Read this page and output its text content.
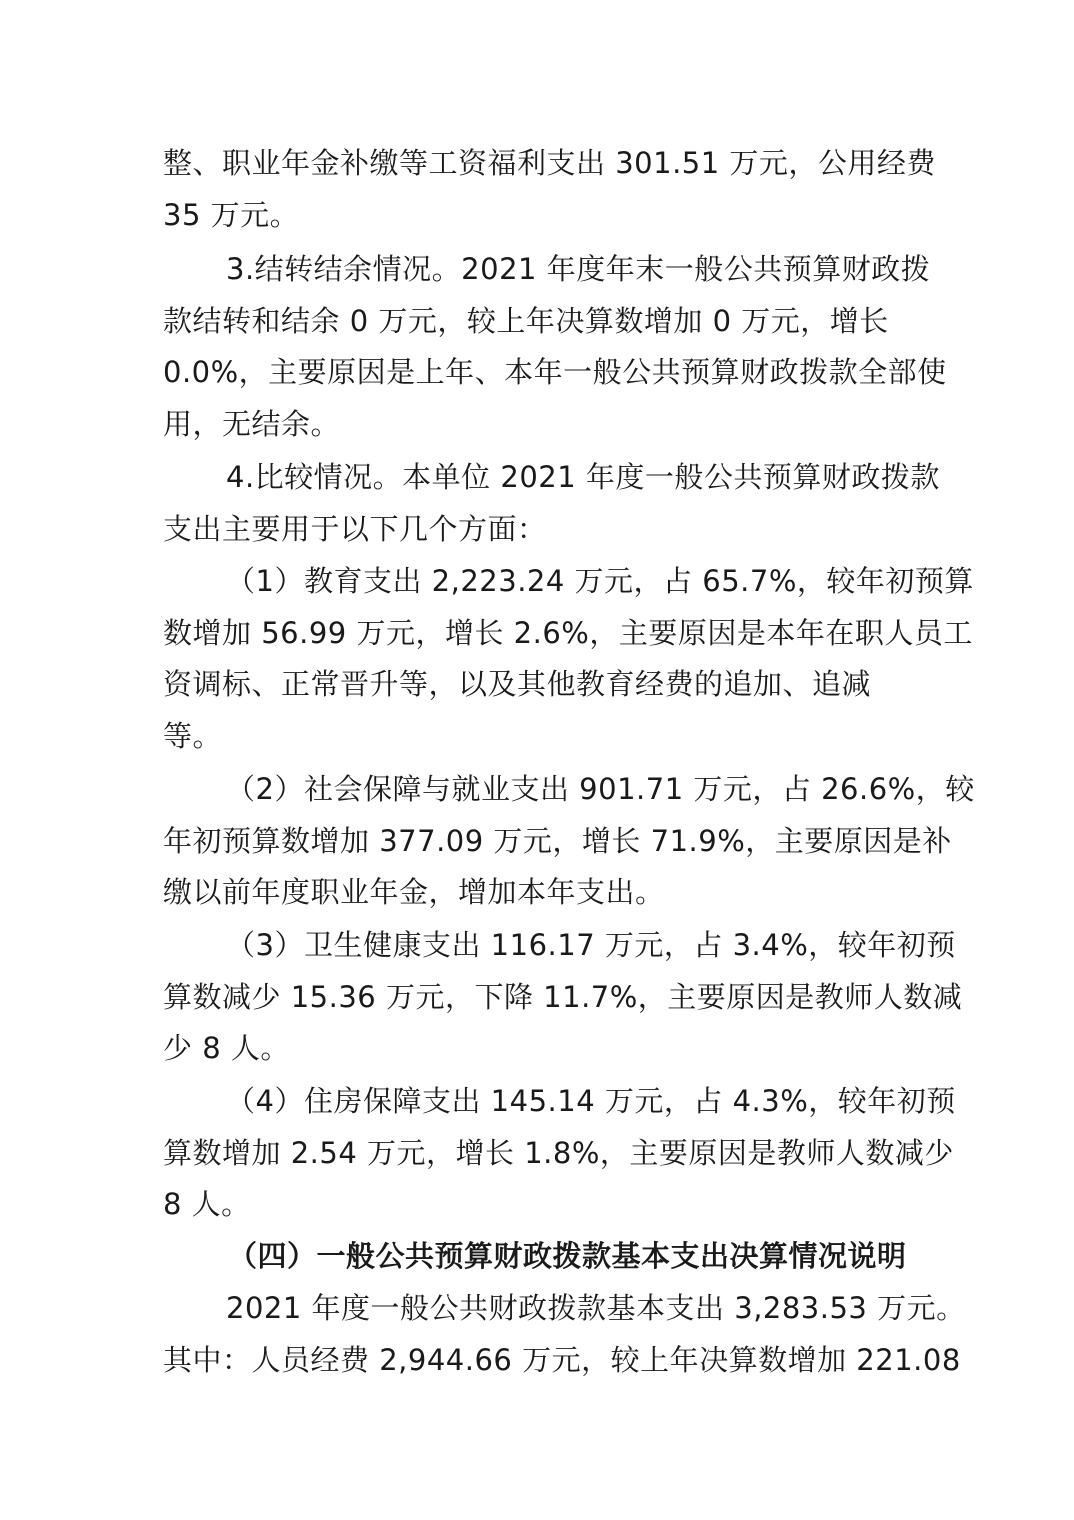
整、职业年金补缴等工资福利支出 301.51 万元，公用经费
35 万元。
3.结转结余情况。2021 年度年末一般公共预算财政拨
款结转和结余 0 万元，较上年决算数增加 0 万元，增长
0.0%，主要原因是上年、本年一般公共预算财政拨款全部使
用，无结余。
4.比较情况。本单位 2021 年度一般公共预算财政拨款
支出主要用于以下几个方面：
（1）教育支出 2,223.24 万元，占 65.7%，较年初预算
数增加 56.99 万元，增长 2.6%，主要原因是本年在职人员工
资调标、正常晋升等，以及其他教育经费的追加、追减
等。
（2）社会保障与就业支出 901.71 万元，占 26.6%，较
年初预算数增加 377.09 万元，增长 71.9%，主要原因是补
缴以前年度职业年金，增加本年支出。
（3）卫生健康支出 116.17 万元，占 3.4%，较年初预
算数减少 15.36 万元，下降 11.7%，主要原因是教师人数减
少 8 人。
（4）住房保障支出 145.14 万元，占 4.3%，较年初预
算数增加 2.54 万元，增长 1.8%，主要原因是教师人数减少
8 人。
（四）一般公共预算财政拨款基本支出决算情况说明
2021 年度一般公共财政拨款基本支出 3,283.53 万元。
其中：人员经费 2,944.66 万元，较上年决算数增加 221.08
